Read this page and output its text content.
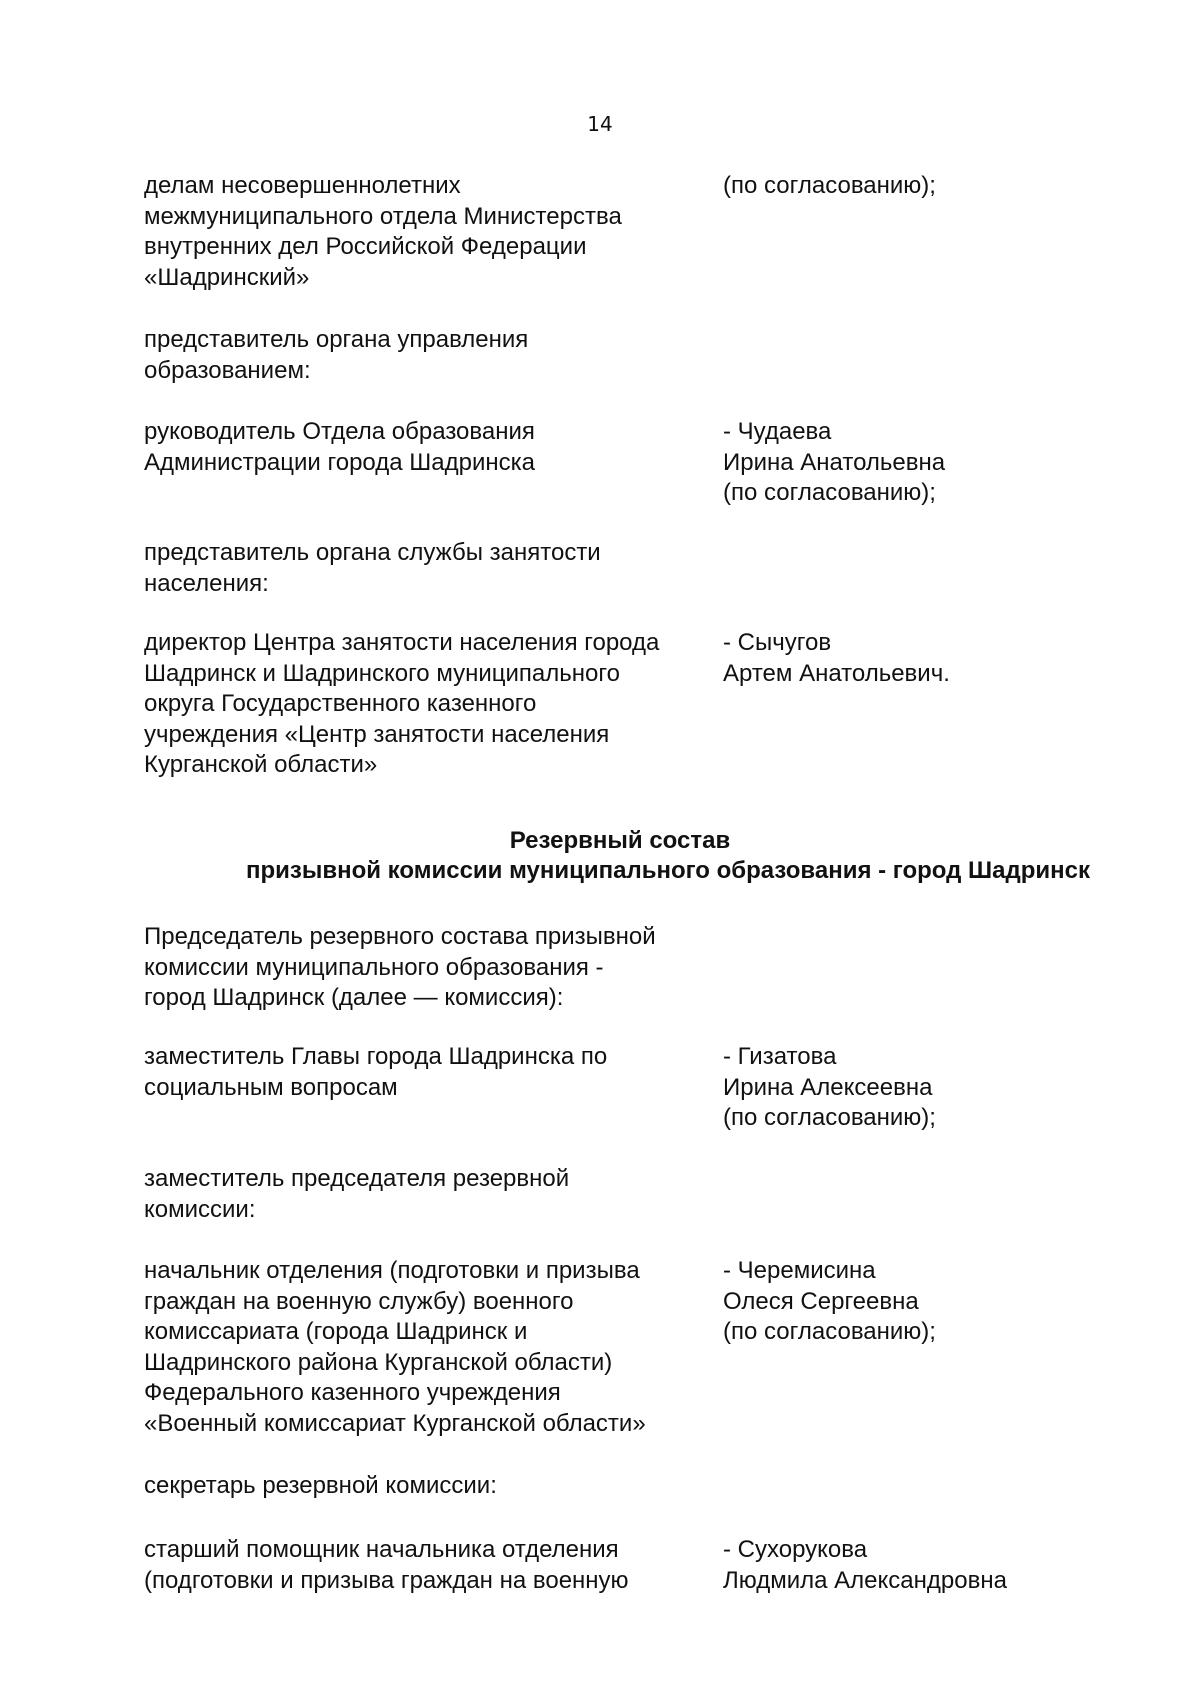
14
делам несовершеннолетних
межмуниципального отдела Министерства
внутренних дел Российской Федерации
«Шадринский»
(по согласованию);
представитель органа управления
образованием:
руководитель Отдела образования
Администрации города Шадринска
- Чудаева
Ирина Анатольевна
(по согласованию);
представитель органа службы занятости
населения:
директор Центра занятости населения города
Шадринск и Шадринского муниципального
округа Государственного казенного
учреждения «Центр занятости населения
Курганской области»
- Сычугов
Артем Анатольевич.
Резервный состав
призывной комиссии муниципального образования - город Шадринск
Председатель резервного состава призывной
комиссии муниципального образования -
город Шадринск (далее — комиссия):
заместитель Главы города Шадринска по
социальным вопросам
- Гизатова
Ирина Алексеевна
(по согласованию);
заместитель председателя резервной
комиссии:
начальник отделения (подготовки и призыва
граждан на военную службу) военного
комиссариата (города Шадринск и
Шадринского района Курганской области)
Федерального казенного учреждения
«Военный комиссариат Курганской области»
- Черемисина
Олеся Сергеевна
(по согласованию);
секретарь резервной комиссии:
старший помощник начальника отделения
(подготовки и призыва граждан на военную
- Сухорукова
Людмила Александровна
